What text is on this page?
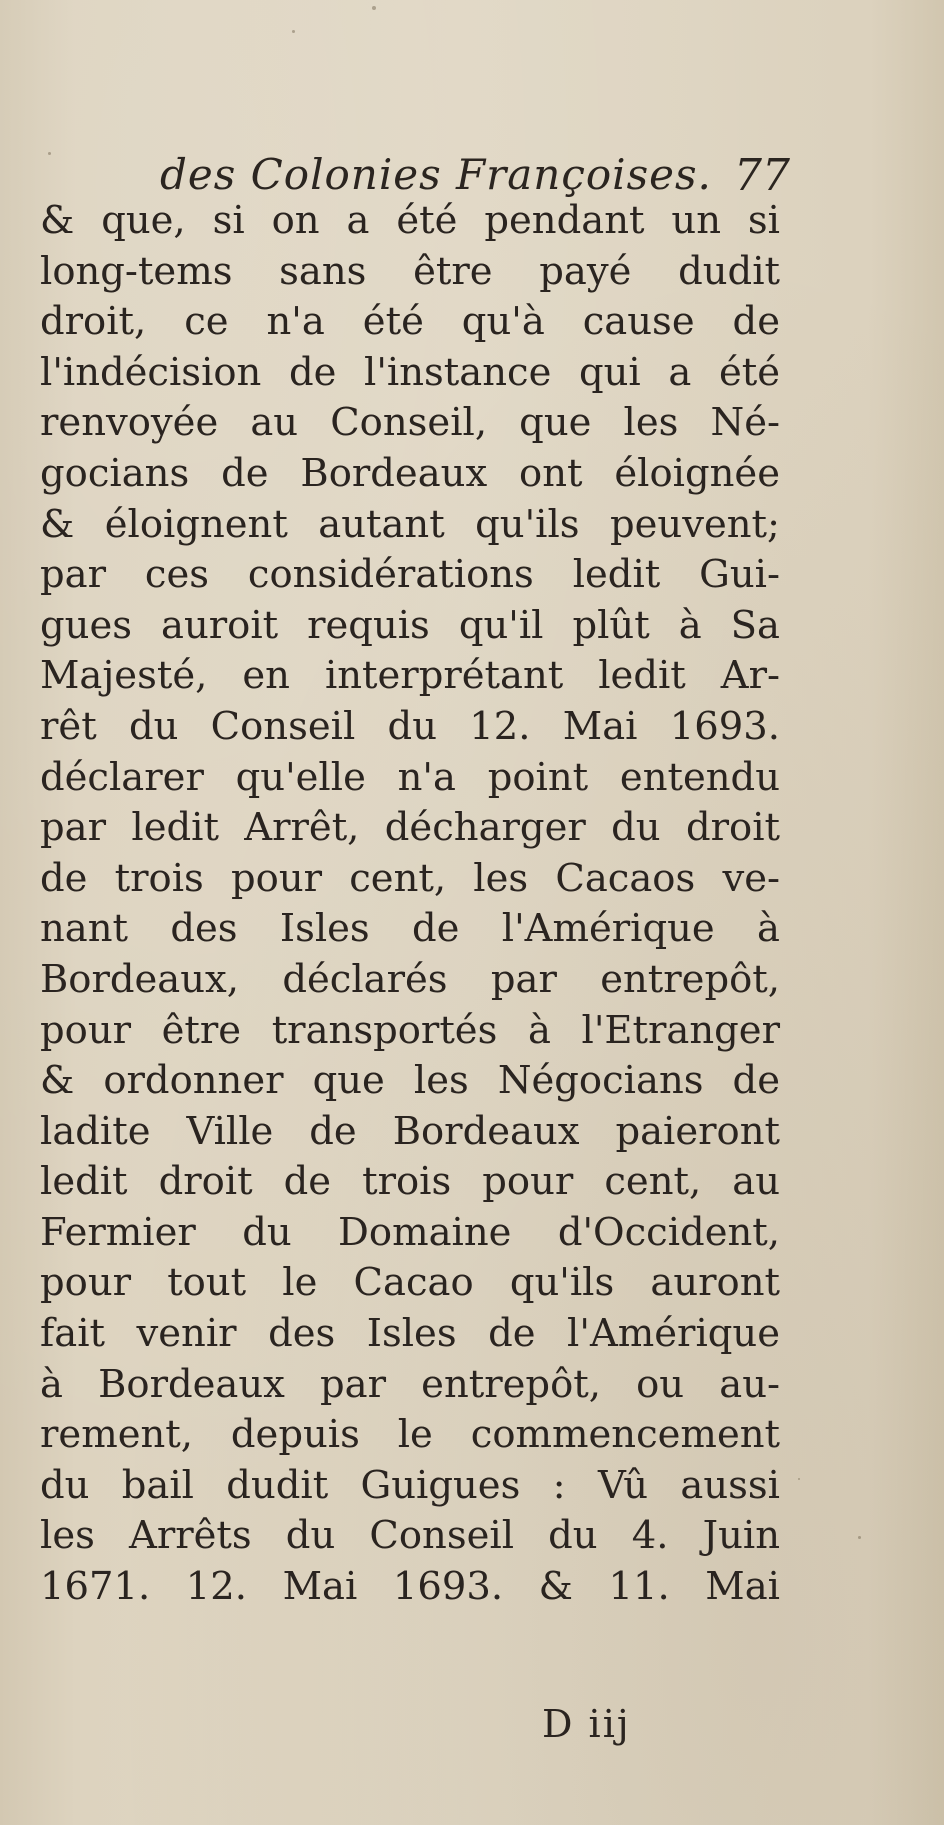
des Colonies Françoises. 77
& que, si on a été pendant un si
long-tems sans être payé dudit
droit, ce n'a été qu'à cause de
l'indécision de l'instance qui a été
renvoyée au Conseil, que les Né-
gocians de Bordeaux ont éloignée
& éloignent autant qu'ils peuvent;
par ces considérations ledit Gui-
gues auroit requis qu'il plût à Sa
Majesté, en interprétant ledit Ar-
rêt du Conseil du 12. Mai 1693.
déclarer qu'elle n'a point entendu
par ledit Arrêt, décharger du droit
de trois pour cent, les Cacaos ve-
nant des Isles de l'Amérique à
Bordeaux, déclarés par entrepôt,
pour être transportés à l'Etranger
& ordonner que les Négocians de
ladite Ville de Bordeaux paieront
ledit droit de trois pour cent, au
Fermier du Domaine d'Occident,
pour tout le Cacao qu'ils auront
fait venir des Isles de l'Amérique
à Bordeaux par entrepôt, ou au-
rement, depuis le commencement
du bail dudit Guigues : Vû aussi
les Arrêts du Conseil du 4. Juin
1671. 12. Mai 1693. & 11. Mai
D iij
